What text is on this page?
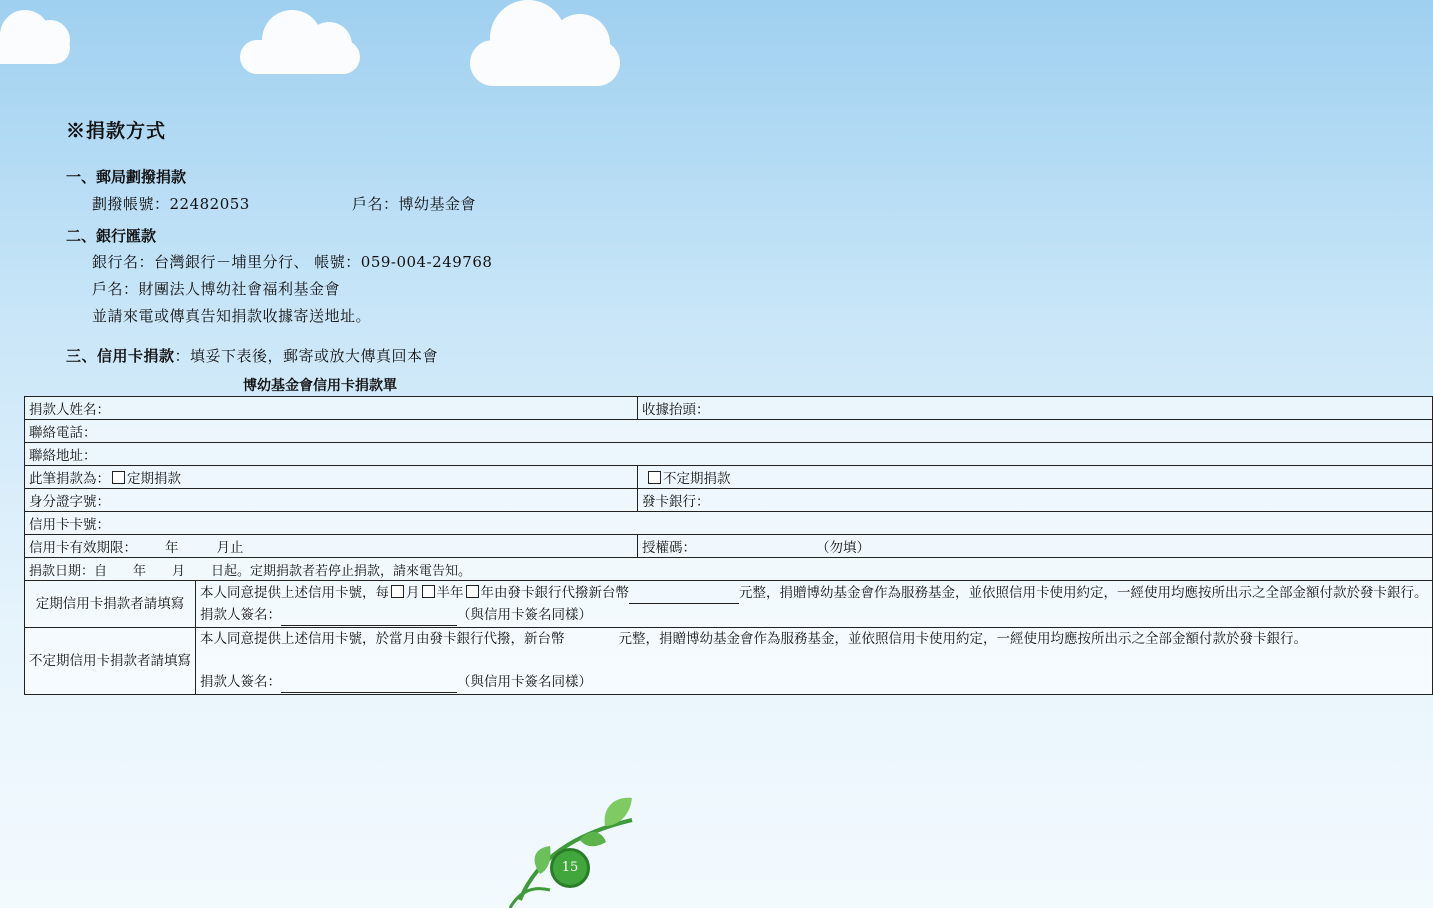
※捐款方式
一、郵局劃撥捐款
劃撥帳號：22482053	戶名：博幼基金會
二、銀行匯款
銀行名：台灣銀行－埔里分行、 帳號：059-004-249768
戶名：財團法人博幼社會福利基金會
並請來電或傳真告知捐款收據寄送地址。
三、信用卡捐款：填妥下表後，郵寄或放大傳真回本會
博幼基金會信用卡捐款單
捐款人姓名：		收據抬頭：
聯絡電話：		
聯絡地址：		
此筆捐款為： 定期捐款		不定期捐款
身分證字號：		發卡銀行：
信用卡卡號：		
信用卡有效期限： 年 月止		授權碼： （勿填）
捐款日期：自　　年　　月　　日起。定期捐款者若停止捐款，請來電告知。		
定期信用卡捐款者請填寫	本人同意提供上述信用卡號，每 月 半年 年由發卡銀行代撥新台幣 元整，捐贈博幼基金會作為服務基金，並依照信用卡使用約定，一經使用均應按所出示之全部金額付款於發卡銀行。
捐款人簽名： （與信用卡簽名同樣）	
不定期信用卡捐款者請填寫	本人同意提供上述信用卡號，於當月由發卡銀行代撥，新台幣　　　　元整，捐贈博幼基金會作為服務基金，並依照信用卡使用約定，一經使用均應按所出示之全部金額付款於發卡銀行。

捐款人簽名： （與信用卡簽名同樣）	
15
